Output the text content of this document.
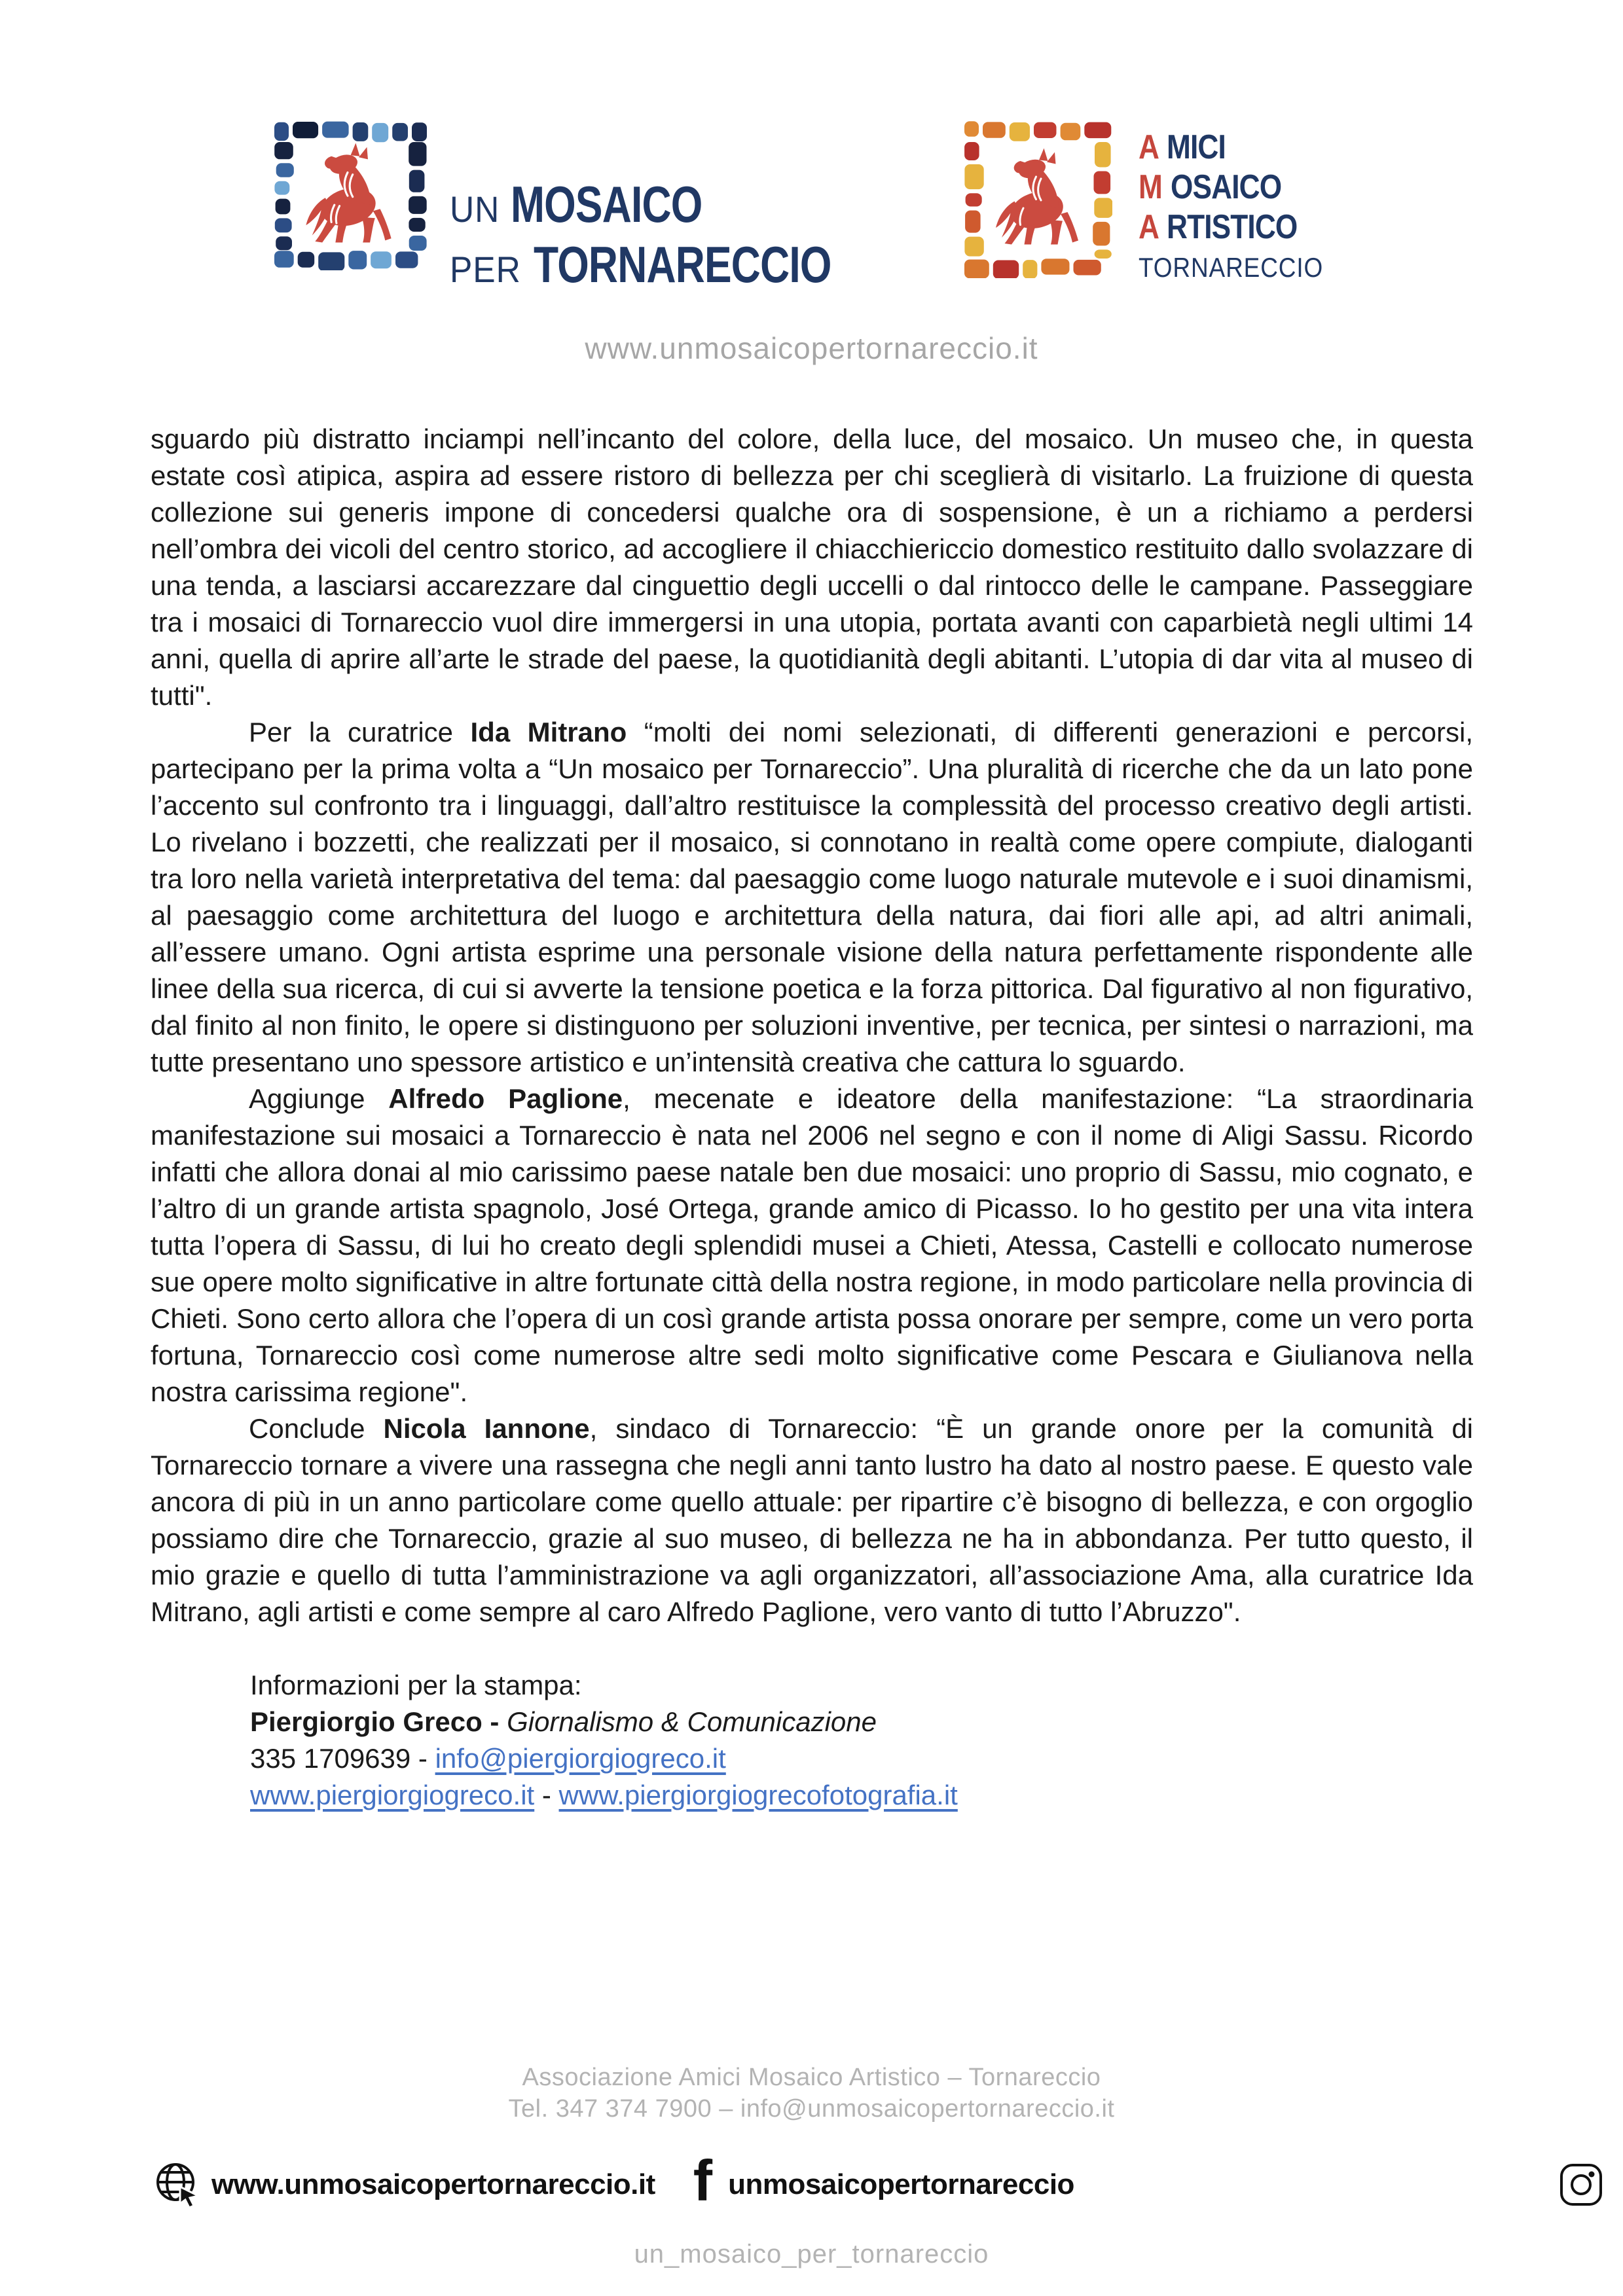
UN MOSAICO
PER TORNARECCIO
A MICI
M OSAICO
A RTISTICO
TORNARECCIO
www.unmosaicopertornareccio.it

sguardo più distratto inciampi nell’incanto del colore, della luce, del mosaico. Un museo che, in questa estate così atipica, aspira ad essere ristoro di bellezza per chi sceglierà di visitarlo. La fruizione di questa collezione sui generis impone di concedersi qualche ora di sospensione, è un a richiamo a perdersi nell’ombra dei vicoli del centro storico, ad accogliere il chiacchiericcio domestico restituito dallo svolazzare di una tenda, a lasciarsi accarezzare dal cinguettio degli uccelli o dal rintocco delle le campane. Passeggiare tra i mosaici di Tornareccio vuol dire immergersi in una utopia, portata avanti con caparbietà negli ultimi 14 anni, quella di aprire all’arte le strade del paese, la quotidianità degli abitanti. L’utopia di dar vita al museo di tutti".

Per la curatrice Ida Mitrano “molti dei nomi selezionati, di differenti generazioni e percorsi, partecipano per la prima volta a “Un mosaico per Tornareccio”. Una pluralità di ricerche che da un lato pone l’accento sul confronto tra i linguaggi, dall’altro restituisce la complessità del processo creativo degli artisti. Lo rivelano i bozzetti, che realizzati per il mosaico, si connotano in realtà come opere compiute, dialoganti tra loro nella varietà interpretativa del tema: dal paesaggio come luogo naturale mutevole e i suoi dinamismi, al paesaggio come architettura del luogo e architettura della natura, dai fiori alle api, ad altri animali, all’essere umano. Ogni artista esprime una personale visione della natura perfettamente rispondente alle linee della sua ricerca, di cui si avverte la tensione poetica e la forza pittorica. Dal figurativo al non figurativo, dal finito al non finito, le opere si distinguono per soluzioni inventive, per tecnica, per sintesi o narrazioni, ma tutte presentano uno spessore artistico e un’intensità creativa che cattura lo sguardo.

Aggiunge Alfredo Paglione, mecenate e ideatore della manifestazione: “La straordinaria manifestazione sui mosaici a Tornareccio è nata nel 2006 nel segno e con il nome di Aligi Sassu. Ricordo infatti che allora donai al mio carissimo paese natale ben due mosaici: uno proprio di Sassu, mio cognato, e l’altro di un grande artista spagnolo, José Ortega, grande amico di Picasso. Io ho gestito per una vita intera tutta l’opera di Sassu, di lui ho creato degli splendidi musei a Chieti, Atessa, Castelli e collocato numerose sue opere molto significative in altre fortunate città della nostra regione, in modo particolare nella provincia di Chieti. Sono certo allora che l’opera di un così grande artista possa onorare per sempre, come un vero porta fortuna, Tornareccio così come numerose altre sedi molto significative come Pescara e Giulianova nella nostra carissima regione".

Conclude Nicola Iannone, sindaco di Tornareccio: “È un grande onore per la comunità di Tornareccio tornare a vivere una rassegna che negli anni tanto lustro ha dato al nostro paese. E questo vale ancora di più in un anno particolare come quello attuale: per ripartire c’è bisogno di bellezza, e con orgoglio possiamo dire che Tornareccio, grazie al suo museo, di bellezza ne ha in abbondanza. Per tutto questo, il mio grazie e quello di tutta l’amministrazione va agli organizzatori, all’associazione Ama, alla curatrice Ida Mitrano, agli artisti e come sempre al caro Alfredo Paglione, vero vanto di tutto l’Abruzzo".

Informazioni per la stampa:
Piergiorgio Greco - Giornalismo & Comunicazione
335 1709639 - info@piergiorgiogreco.it
www.piergiorgiogreco.it - www.piergiorgiogrecofotografia.it
Associazione Amici Mosaico Artistico – Tornareccio
Tel. 347 374 7900 – info@unmosaicopertornareccio.it
www.unmosaicopertornareccio.it f unmosaicopertornareccio
un_mosaico_per_tornareccio
